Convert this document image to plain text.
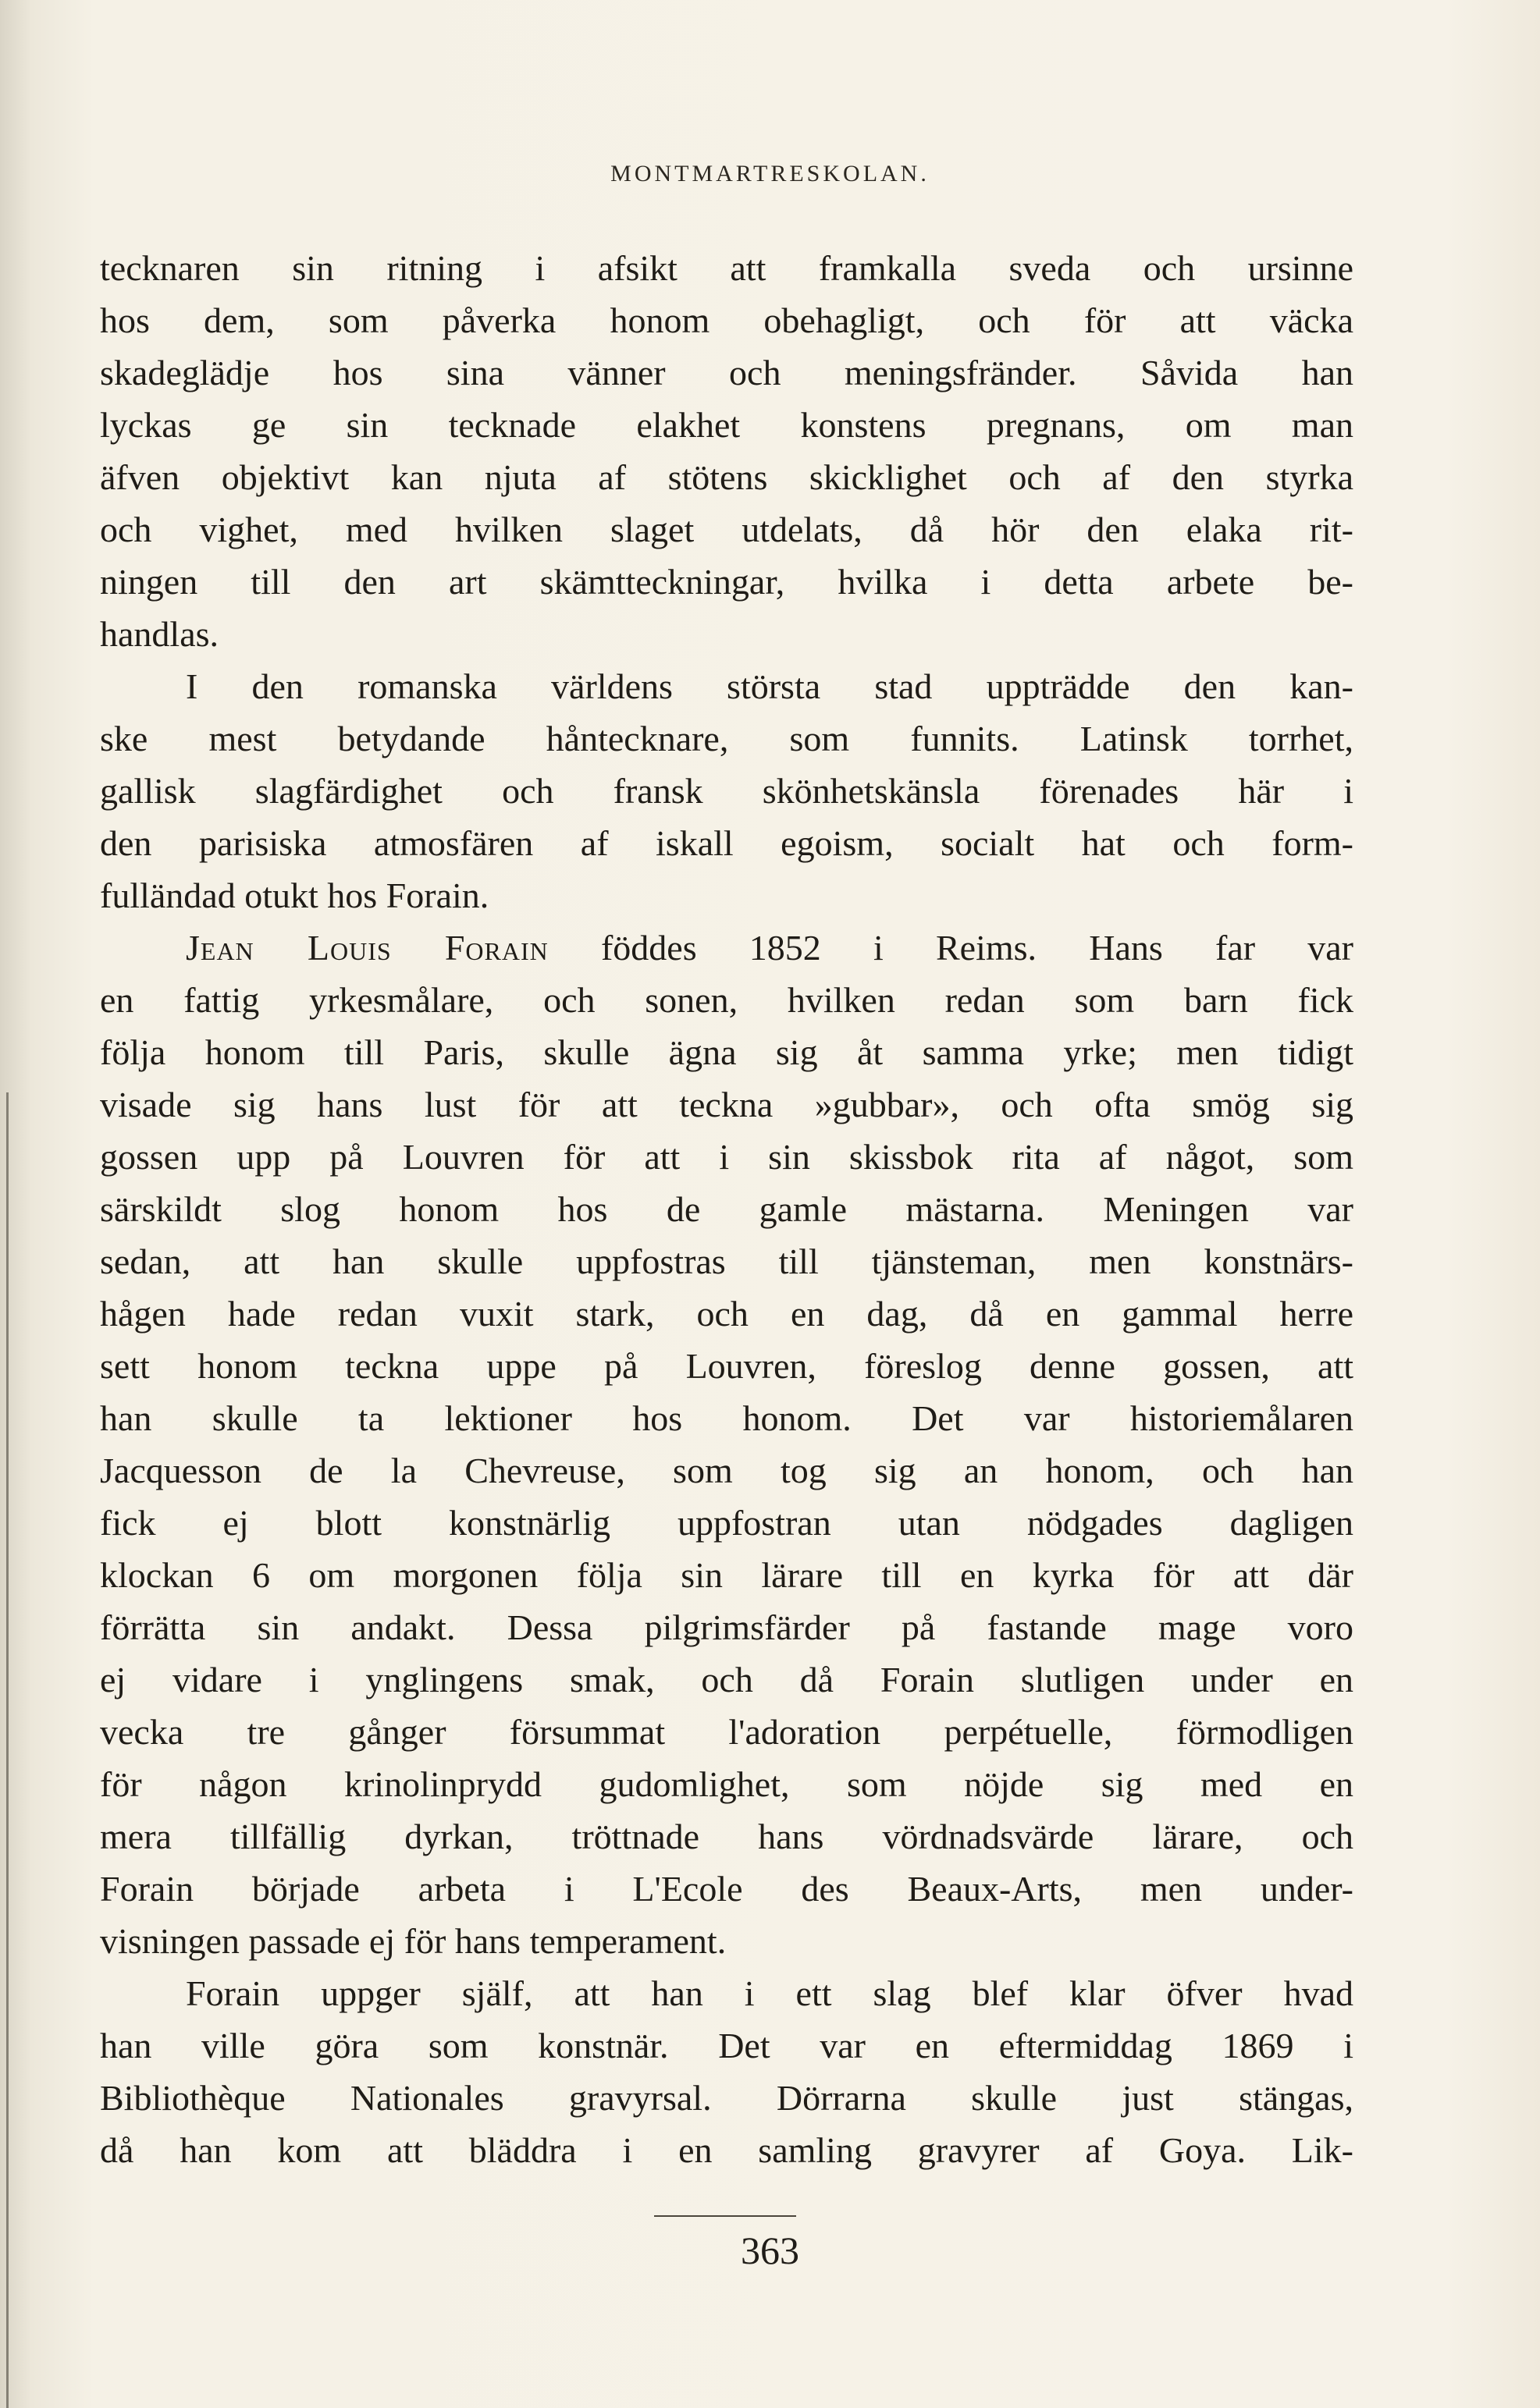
MONTMARTRESKOLAN.
tecknaren sin ritning i afsikt att framkalla sveda och ursinne
hos dem, som påverka honom obehagligt, och för att väcka
skadeglädje hos sina vänner och meningsfränder. Såvida han
lyckas ge sin tecknade elakhet konstens pregnans, om man
äfven objektivt kan njuta af stötens skicklighet och af den styrka
och vighet, med hvilken slaget utdelats, då hör den elaka rit-
ningen till den art skämtteckningar, hvilka i detta arbete be-
handlas.
I den romanska världens största stad uppträdde den kan-
ske mest betydande håntecknare, som funnits. Latinsk torrhet,
gallisk slagfärdighet och fransk skönhetskänsla förenades här i
den parisiska atmosfären af iskall egoism, socialt hat och form-
fulländad otukt hos Forain.
Jean Louis Forain föddes 1852 i Reims. Hans far var
en fattig yrkesmålare, och sonen, hvilken redan som barn fick
följa honom till Paris, skulle ägna sig åt samma yrke; men tidigt
visade sig hans lust för att teckna »gubbar», och ofta smög sig
gossen upp på Louvren för att i sin skissbok rita af något, som
särskildt slog honom hos de gamle mästarna. Meningen var
sedan, att han skulle uppfostras till tjänsteman, men konstnärs-
hågen hade redan vuxit stark, och en dag, då en gammal herre
sett honom teckna uppe på Louvren, föreslog denne gossen, att
han skulle ta lektioner hos honom. Det var historiemålaren
Jacquesson de la Chevreuse, som tog sig an honom, och han
fick ej blott konstnärlig uppfostran utan nödgades dagligen
klockan 6 om morgonen följa sin lärare till en kyrka för att där
förrätta sin andakt. Dessa pilgrimsfärder på fastande mage voro
ej vidare i ynglingens smak, och då Forain slutligen under en
vecka tre gånger försummat l'adoration perpétuelle, förmodligen
för någon krinolinprydd gudomlighet, som nöjde sig med en
mera tillfällig dyrkan, tröttnade hans vördnadsvärde lärare, och
Forain började arbeta i L'Ecole des Beaux-Arts, men under-
visningen passade ej för hans temperament.
Forain uppger själf, att han i ett slag blef klar öfver hvad
han ville göra som konstnär. Det var en eftermiddag 1869 i
Bibliothèque Nationales gravyrsal. Dörrarna skulle just stängas,
då han kom att bläddra i en samling gravyrer af Goya. Lik-
363
